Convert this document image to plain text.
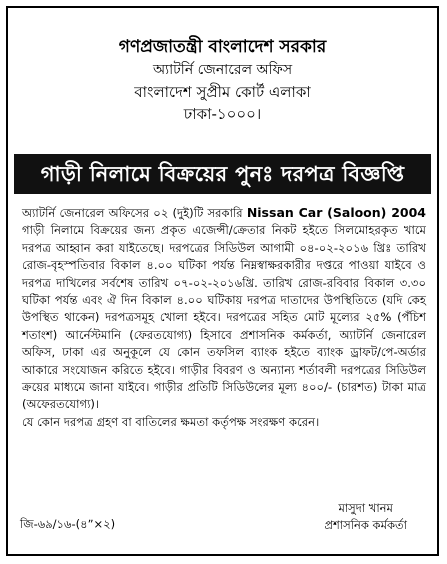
গণপ্রজাতন্ত্রী বাংলাদেশ সরকার
অ্যাটর্নি জেনারেল অফিস
বাংলাদেশ সুপ্রীম কোর্ট এলাকা
ঢাকা-১০০০।
গাড়ী নিলামে বিক্রয়ের পুনঃ দরপত্র বিজ্ঞপ্তি

অ্যাটর্নি জেনারেল অফিসের ০২ (দুই)টি সরকারি Nissan Car (Saloon) 2004 গাড়ী নিলামে বিক্রয়ের জন্য প্রকৃত এজেন্সী/ক্রেতার নিকট হইতে সিলমোহরকৃত খামে দরপত্র আহ্বান করা যাইতেছে। দরপত্রের সিডিউল আগামী ০৪-০২-২০১৬ খ্রিঃ তারিখ রোজ-বৃহস্পতিবার বিকাল ৪.০০ ঘটিকা পর্যন্ত নিম্নস্বাক্ষরকারীর দপ্তরে পাওয়া যাইবে ও দরপত্র দাখিলের সর্বশেষ তারিখ ০৭-০২-২০১৬খ্রি. তারিখ রোজ-রবিবার বিকাল ৩.৩০ ঘটিকা পর্যন্ত এবং ঐ দিন বিকাল ৪.০০ ঘটিকায় দরপত্র দাতাদের উপস্থিতিতে (যদি কেহ উপস্থিত থাকেন) দরপত্রসমূহ খোলা হইবে। দরপত্রের সহিত মোট মূল্যের ২৫% (পঁচিশ শতাংশ) আর্নেস্টমানি (ফেরতযোগ্য) হিসাবে প্রশাসনিক কর্মকর্তা, অ্যাটর্নি জেনারেল অফিস, ঢাকা এর অনুকূলে যে কোন তফসিল ব্যাংক হইতে ব্যাংক ড্রাফট/পে-অর্ডার আকারে সংযোজন করিতে হইবে। গাড়ীর বিবরণ ও অন্যান্য শর্তাবলী দরপত্রের সিডিউল ক্রয়ের মাধ্যমে জানা যাইবে। গাড়ীর প্রতিটি সিডিউলের মূল্য ৪০০/- (চারশত) টাকা মাত্র (অফেরতযোগ্য)।

যে কোন দরপত্র গ্রহণ বা বাতিলের ক্ষমতা কর্তৃপক্ষ সংরক্ষণ করেন।

মাসুদা খানম
প্রশাসনিক কর্মকর্তা
জি-৬৯/১৬-(৪ˮ×২)
